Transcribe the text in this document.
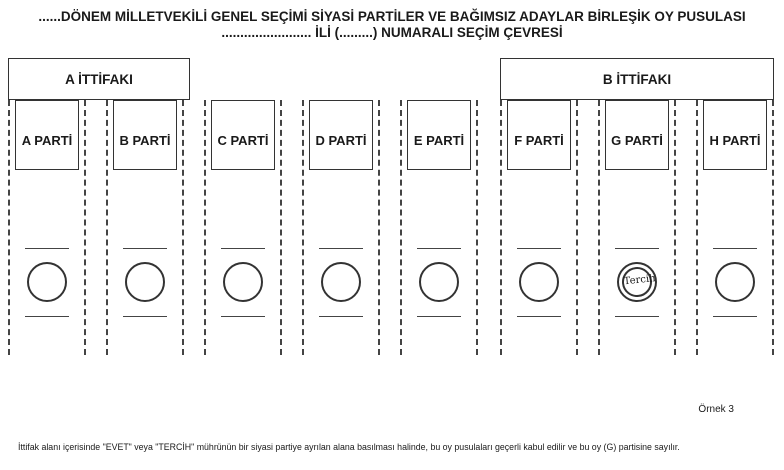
......DÖNEM MİLLETVEKİLİ GENEL SEÇİMİ SİYASİ PARTİLER VE BAĞIMSIZ ADAYLAR BİRLEŞİK OY PUSULASI
........................ İLİ (.........) NUMARALI SEÇİM ÇEVRESİ
A İTTİFAKI	B İTTİFAKI
A PARTİ	B PARTİ	C PARTİ	D PARTİ	E PARTİ	F PARTİ	G PARTİ
Tercih
H PARTİ
Örnek 3
İttifak alanı içerisinde "EVET" veya "TERCİH" mührünün bir siyasi partiye ayrılan alana basılması halinde, bu oy pusulaları geçerli kabul edilir ve bu oy (G) partisine sayılır.
